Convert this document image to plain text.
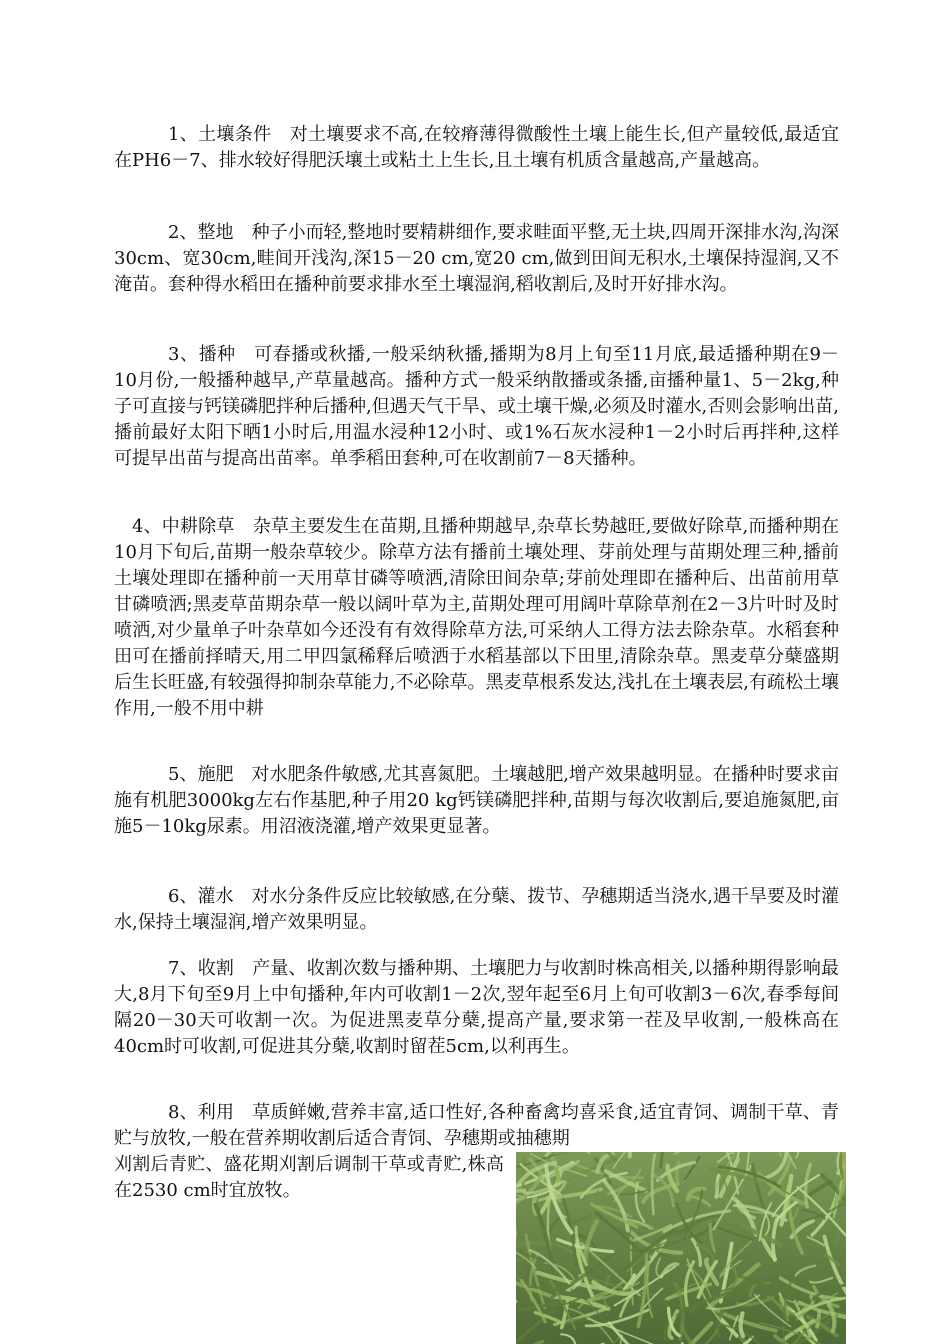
1、土壤条件　对土壤要求不高,在较瘠薄得微酸性土壤上能生长,但产量较低,最适宜在PH6－7、排水较好得肥沃壤土或粘土上生长,且土壤有机质含量越高,产量越高。

2、整地　种子小而轻,整地时要精耕细作,要求畦面平整,无土块,四周开深排水沟,沟深30cm、宽30cm,畦间开浅沟,深15－20 cm,宽20 cm,做到田间无积水,土壤保持湿润,又不淹苗。套种得水稻田在播种前要求排水至土壤湿润,稻收割后,及时开好排水沟。

3、播种　可春播或秋播,一般采纳秋播,播期为8月上旬至11月底,最适播种期在9－10月份,一般播种越早,产草量越高。播种方式一般采纳散播或条播,亩播种量1、5－2kg,种子可直接与钙镁磷肥拌种后播种,但遇天气干旱、或土壤干燥,必须及时灌水,否则会影响出苗,播前最好太阳下晒1小时后,用温水浸种12小时、或1%石灰水浸种1－2小时后再拌种,这样可提早出苗与提高出苗率。单季稻田套种,可在收割前7－8天播种。

4、中耕除草　杂草主要发生在苗期,且播种期越早,杂草长势越旺,要做好除草,而播种期在10月下旬后,苗期一般杂草较少。除草方法有播前土壤处理、芽前处理与苗期处理三种,播前土壤处理即在播种前一天用草甘磷等喷洒,清除田间杂草;芽前处理即在播种后、出苗前用草甘磷喷洒;黑麦草苗期杂草一般以阔叶草为主,苗期处理可用阔叶草除草剂在2－3片叶时及时喷洒,对少量单子叶杂草如今还没有有效得除草方法,可采纳人工得方法去除杂草。水稻套种田可在播前择晴天,用二甲四氯稀释后喷洒于水稻基部以下田里,清除杂草。黑麦草分蘖盛期后生长旺盛,有较强得抑制杂草能力,不必除草。黑麦草根系发达,浅扎在土壤表层,有疏松土壤作用,一般不用中耕

5、施肥　对水肥条件敏感,尤其喜氮肥。土壤越肥,增产效果越明显。在播种时要求亩施有机肥3000kg左右作基肥,种子用20 kg钙镁磷肥拌种,苗期与每次收割后,要追施氮肥,亩施5－10kg尿素。用沼液浇灌,增产效果更显著。

6、灌水　对水分条件反应比较敏感,在分蘖、拨节、孕穗期适当浇水,遇干旱要及时灌水,保持土壤湿润,增产效果明显。

7、收割　产量、收割次数与播种期、土壤肥力与收割时株高相关,以播种期得影响最大,8月下旬至9月上中旬播种,年内可收割1－2次,翌年起至6月上旬可收割3－6次,春季每间隔20－30天可收割一次。为促进黑麦草分蘖,提高产量,要求第一茬及早收割,一般株高在40cm时可收割,可促进其分蘖,收割时留茬5cm,以利再生。

8、利用　草质鲜嫩,营养丰富,适口性好,各种畜禽均喜采食,适宜青饲、调制干草、青贮与放牧,一般在营养期收割后适合青饲、孕穗期或抽穗期

刈割后青贮、盛花期刈割后调制干草或青贮,株高在2530 cm时宜放牧。
